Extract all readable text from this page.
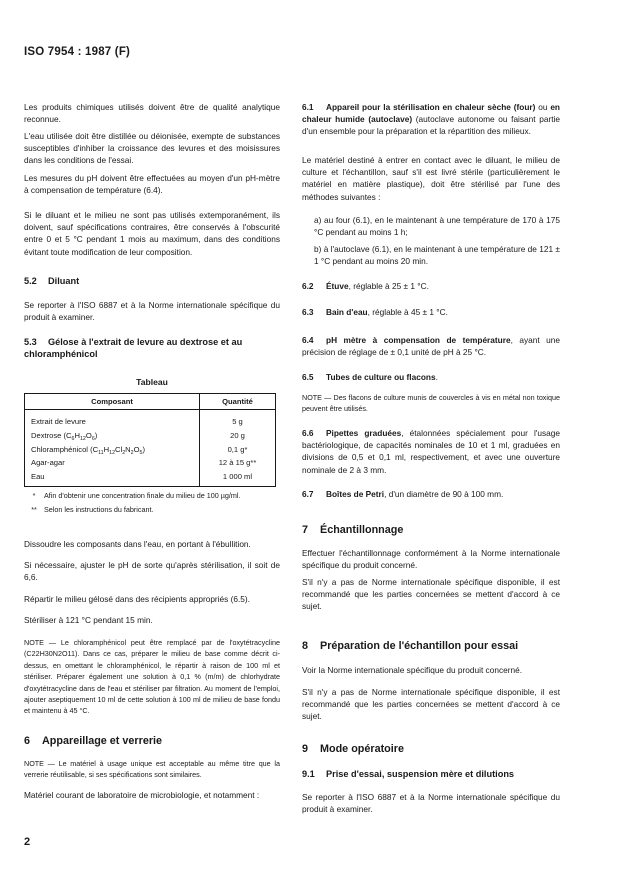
ISO 7954 : 1987 (F)

Les produits chimiques utilisés doivent être de qualité analytique reconnue.

L'eau utilisée doit être distillée ou déionisée, exempte de substances susceptibles d'inhiber la croissance des levures et des moisissures dans les conditions de l'essai.

Les mesures du pH doivent être effectuées au moyen d'un pH-mètre à compensation de température (6.4).

Si le diluant et le milieu ne sont pas utilisés extemporanément, ils doivent, sauf spécifications contraires, être conservés à l'obscurité entre 0 et 5 °C pendant 1 mois au maximum, dans des conditions évitant toute modification de leur composition.

5.2 Diluant

Se reporter à l'ISO 6887 et à la Norme internationale spécifique du produit à examiner.

5.3 Gélose à l'extrait de levure au dextrose et au chloramphénicol
Tableau
Composant	Quantité
Extrait de levure	5 g
Dextrose $(C_6H_{12}O_6)$	20 g
Chloramphénicol $(C_{11}H_{12}Cl_2N_2O_5)$	0,1 g*
Agar-agar	12 à 15 g**
Eau	1 000 ml
*	Afin d'obtenir une concentration finale du milieu de 100 µg/ml.
**	Selon les instructions du fabricant.

Dissoudre les composants dans l'eau, en portant à l'ébullition.

Si nécessaire, ajuster le pH de sorte qu'après stérilisation, il soit de 6,6.

Répartir le milieu gélosé dans des récipients appropriés (6.5).

Stériliser à 121 °C pendant 15 min.

NOTE — Le chloramphénicol peut être remplacé par de l'oxytétracycline (C22H30N2O11). Dans ce cas, préparer le milieu de base comme décrit ci-dessus, en omettant le chloramphénicol, le répartir à raison de 100 ml et stériliser. Préparer également une solution à 0,1 % (m/m) de chlorhydrate d'oxytétracycline dans de l'eau et stériliser par filtration. Au moment de l'emploi, ajouter aseptiquement 10 ml de cette solution à 100 ml de milieu de base fondu et maintenu à 45 °C.

6 Appareillage et verrerie

NOTE — Le matériel à usage unique est acceptable au même titre que la verrerie réutilisable, si ses spécifications sont similaires.

Matériel courant de laboratoire de microbiologie, et notamment :

6.1 Appareil pour la stérilisation en chaleur sèche (four) ou en chaleur humide (autoclave) (autoclave autonome ou faisant partie d'un ensemble pour la préparation et la répartition des milieux.

Le matériel destiné à entrer en contact avec le diluant, le milieu de culture et l'échantillon, sauf s'il est livré stérile (particulièrement le matériel en matière plastique), doit être stérilisé par l'une des méthodes suivantes :

a) au four (6.1), en le maintenant à une température de 170 à 175 °C pendant au moins 1 h;

b) à l'autoclave (6.1), en le maintenant à une température de 121 ± 1 °C pendant au moins 20 min.

6.2 Étuve, réglable à 25 ± 1 °C.

6.3 Bain d'eau, réglable à 45 ± 1 °C.

6.4 pH mètre à compensation de température, ayant une précision de réglage de ± 0,1 unité de pH à 25 °C.

6.5 Tubes de culture ou flacons.

NOTE — Des flacons de culture munis de couvercles à vis en métal non toxique peuvent être utilisés.

6.6 Pipettes graduées, étalonnées spécialement pour l'usage bactériologique, de capacités nominales de 10 et 1 ml, graduées en divisions de 0,5 et 0,1 ml, respectivement, et avec une ouverture nominale de 2 à 3 mm.

6.7 Boîtes de Petri, d'un diamètre de 90 à 100 mm.

7 Échantillonnage

Effectuer l'échantillonnage conformément à la Norme internationale spécifique du produit concerné.

S'il n'y a pas de Norme internationale spécifique disponible, il est recommandé que les parties concernées se mettent d'accord à ce sujet.

8 Préparation de l'échantillon pour essai

Voir la Norme internationale spécifique du produit concerné.

S'il n'y a pas de Norme internationale spécifique disponible, il est recommandé que les parties concernées se mettent d'accord à ce sujet.

9 Mode opératoire
9.1 Prise d'essai, suspension mère et dilutions

Se reporter à l'ISO 6887 et à la Norme internationale spécifique du produit à examiner.

2
